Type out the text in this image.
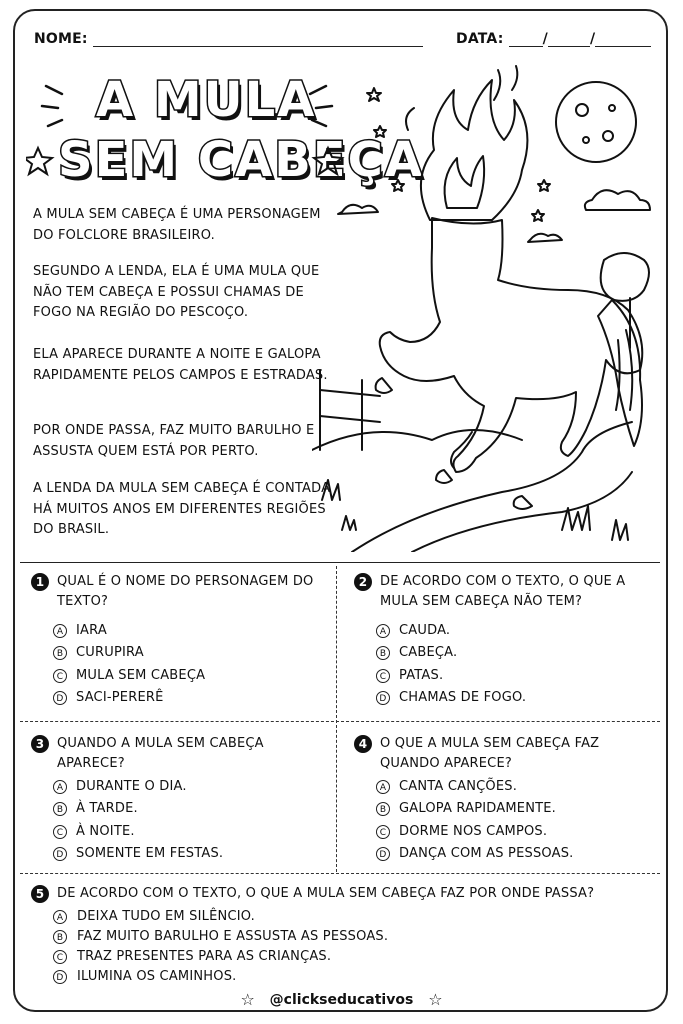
NOME:	DATA:	/	/
A MULA
SEM CABEÇA

A MULA SEM CABEÇA É UMA PERSONAGEM DO FOLCLORE BRASILEIRO.

SEGUNDO A LENDA, ELA É UMA MULA QUE NÃO TEM CABEÇA E POSSUI CHAMAS DE FOGO NA REGIÃO DO PESCOÇO.

ELA APARECE DURANTE A NOITE E GALOPA RAPIDAMENTE PELOS CAMPOS E ESTRADAS.

POR ONDE PASSA, FAZ MUITO BARULHO E ASSUSTA QUEM ESTÁ POR PERTO.

A LENDA DA MULA SEM CABEÇA É CONTADA HÁ MUITOS ANOS EM DIFERENTES REGIÕES DO BRASIL.

1 QUAL É O NOME DO PERSONAGEM DO TEXTO?
A IARA
B CURUPIRA
C MULA SEM CABEÇA
D SACI-PERERÊ
2 DE ACORDO COM O TEXTO, O QUE A MULA SEM CABEÇA NÃO TEM?
A CAUDA.
B CABEÇA.
C PATAS.
D CHAMAS DE FOGO.
3 QUANDO A MULA SEM CABEÇA APARECE?
A DURANTE O DIA.
B À TARDE.
C À NOITE.
D SOMENTE EM FESTAS.
4 O QUE A MULA SEM CABEÇA FAZ QUANDO APARECE?
A CANTA CANÇÕES.
B GALOPA RAPIDAMENTE.
C DORME NOS CAMPOS.
D DANÇA COM AS PESSOAS.
5 DE ACORDO COM O TEXTO, O QUE A MULA SEM CABEÇA FAZ POR ONDE PASSA?
A DEIXA TUDO EM SILÊNCIO.
B FAZ MUITO BARULHO E ASSUSTA AS PESSOAS.
C TRAZ PRESENTES PARA AS CRIANÇAS.
D ILUMINA OS CAMINHOS.
☆ @clickseducativos ☆
